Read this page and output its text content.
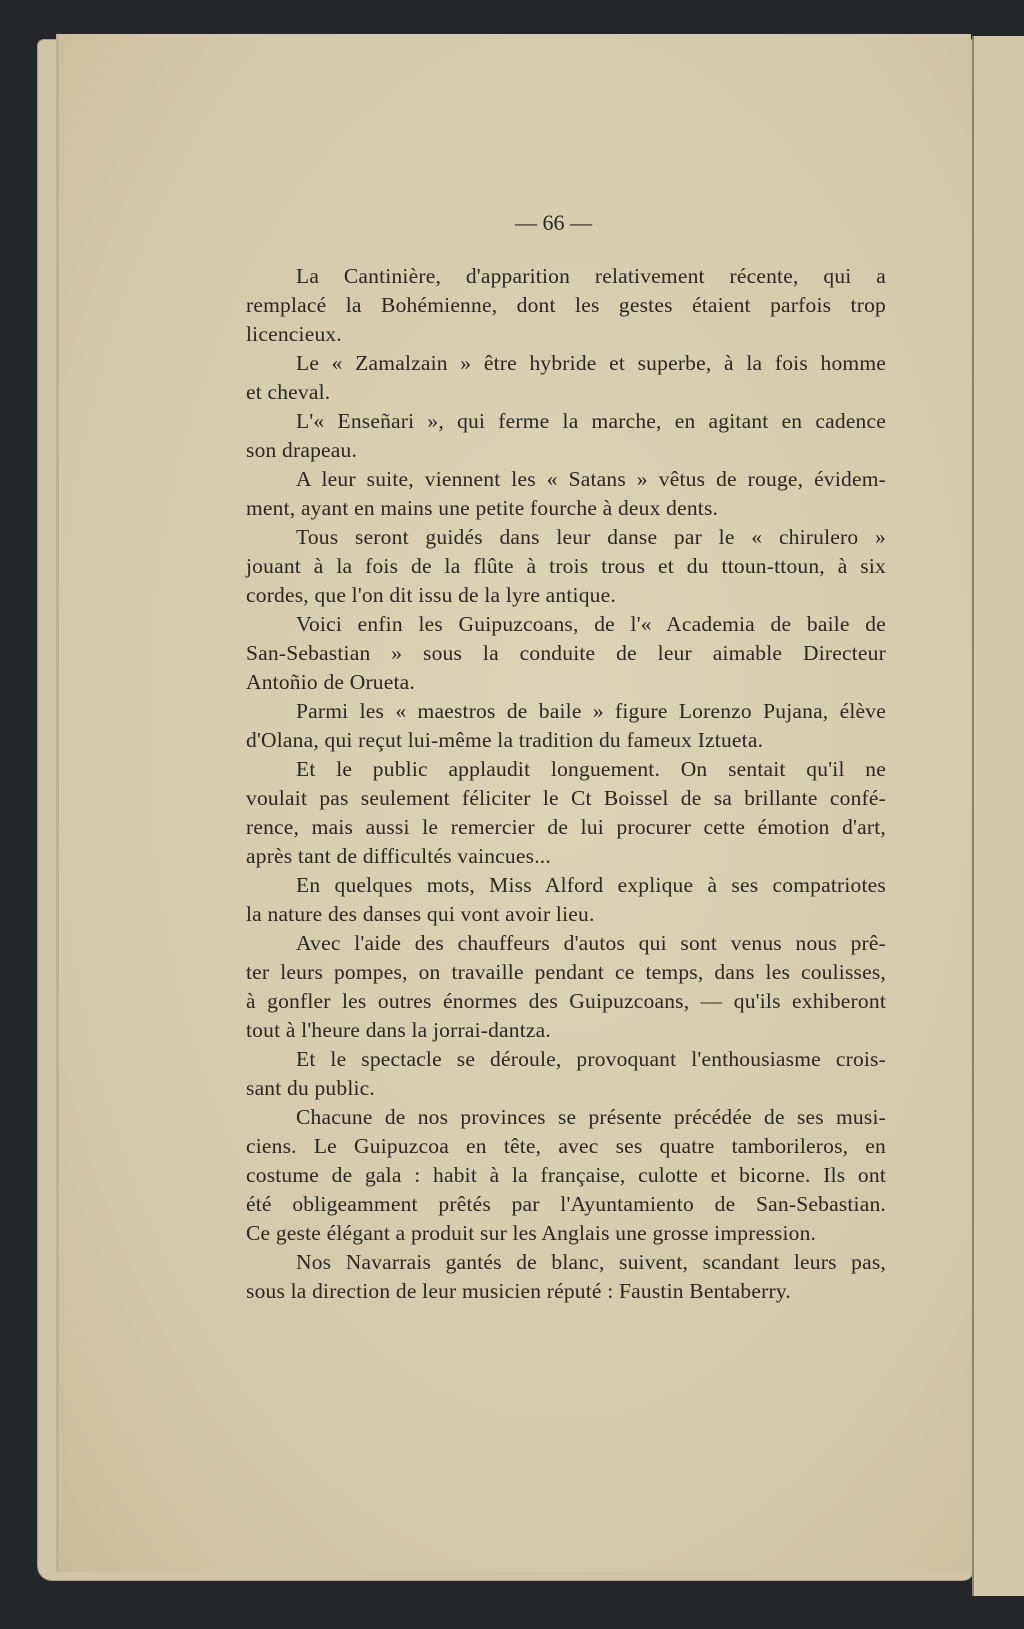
— 66 —
La Cantinière, d'apparition relativement récente, qui a
remplacé la Bohémienne, dont les gestes étaient parfois trop
licencieux.
Le « Zamalzain » être hybride et superbe, à la fois homme
et cheval.
L'« Enseñari », qui ferme la marche, en agitant en cadence
son drapeau.
A leur suite, viennent les « Satans » vêtus de rouge, évidem-
ment, ayant en mains une petite fourche à deux dents.
Tous seront guidés dans leur danse par le « chirulero »
jouant à la fois de la flûte à trois trous et du ttoun-ttoun, à six
cordes, que l'on dit issu de la lyre antique.
Voici enfin les Guipuzcoans, de l'« Academia de baile de
San-Sebastian » sous la conduite de leur aimable Directeur
Antoñio de Orueta.
Parmi les « maestros de baile » figure Lorenzo Pujana, élève
d'Olana, qui reçut lui-même la tradition du fameux Iztueta.
Et le public applaudit longuement. On sentait qu'il ne
voulait pas seulement féliciter le Ct Boissel de sa brillante confé-
rence, mais aussi le remercier de lui procurer cette émotion d'art,
après tant de difficultés vaincues...
En quelques mots, Miss Alford explique à ses compatriotes
la nature des danses qui vont avoir lieu.
Avec l'aide des chauffeurs d'autos qui sont venus nous prê-
ter leurs pompes, on travaille pendant ce temps, dans les coulisses,
à gonfler les outres énormes des Guipuzcoans, — qu'ils exhiberont
tout à l'heure dans la jorrai-dantza.
Et le spectacle se déroule, provoquant l'enthousiasme crois-
sant du public.
Chacune de nos provinces se présente précédée de ses musi-
ciens. Le Guipuzcoa en tête, avec ses quatre tamborileros, en
costume de gala : habit à la française, culotte et bicorne. Ils ont
été obligeamment prêtés par l'Ayuntamiento de San-Sebastian.
Ce geste élégant a produit sur les Anglais une grosse impression.
Nos Navarrais gantés de blanc, suivent, scandant leurs pas,
sous la direction de leur musicien réputé : Faustin Bentaberry.
